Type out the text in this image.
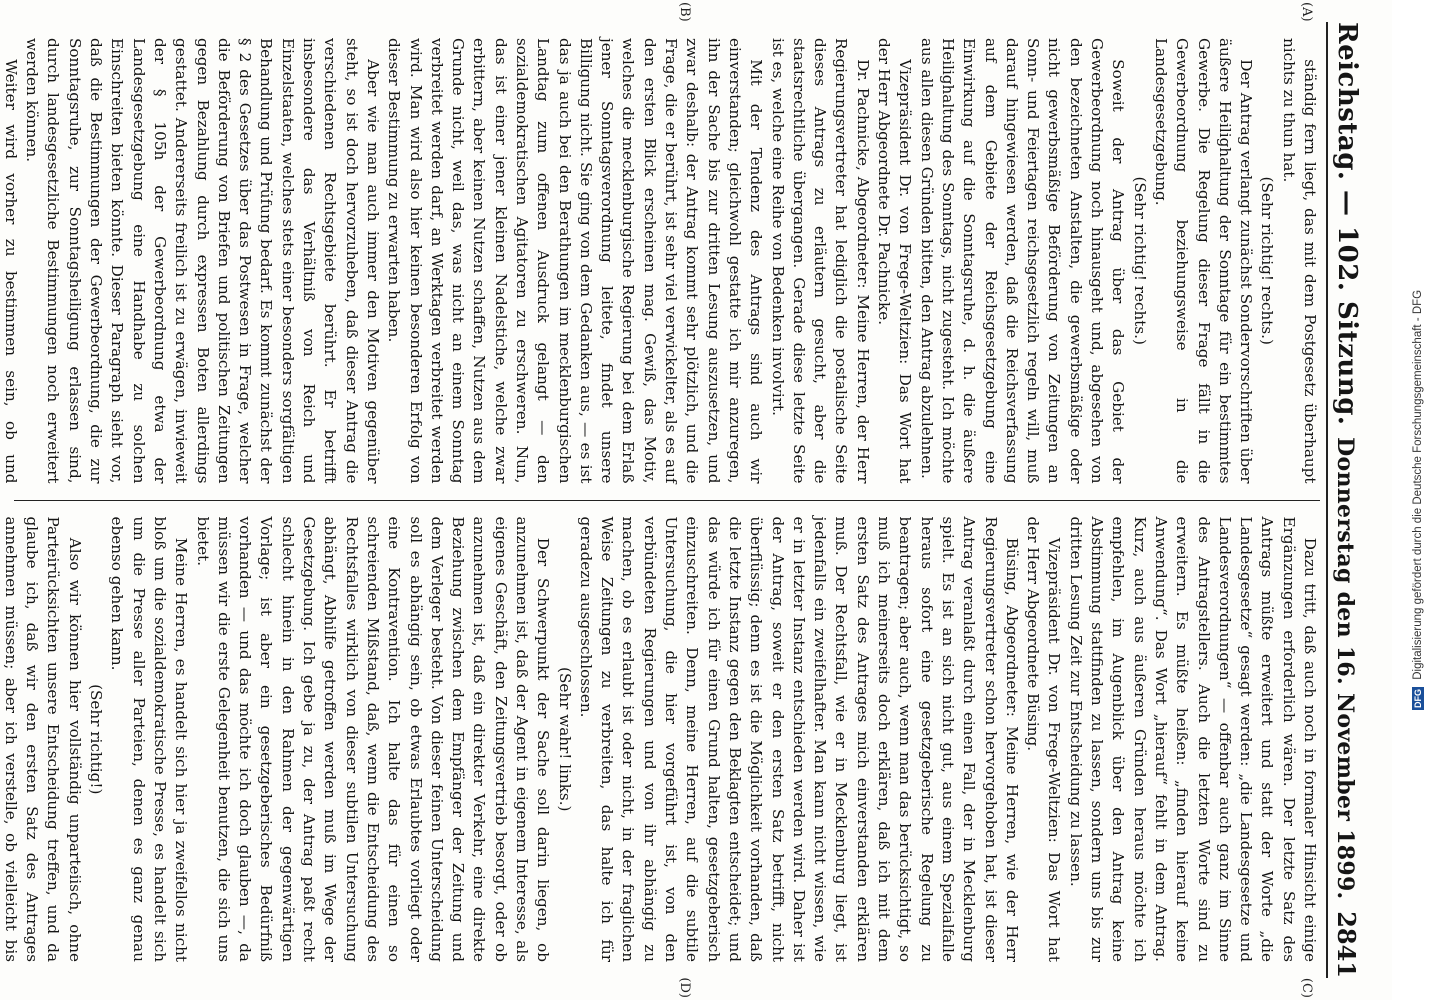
Reichstag. — 102. Sitzung.
Donnerstag den 16. November 1899.
2841

ständig fern liegt, das mit dem Postgesetz überhaupt nichts zu thun hat.

(Sehr richtig! rechts.)

Der Antrag verlangt zunächst Sondervorschriften über äußere Heilighaltung der Sonntage für ein bestimmtes Gewerbe. Die Regelung dieser Frage fällt in die Gewerbeordnung beziehungsweise in die Landesgesetzgebung.

(Sehr richtig! rechts.)

Soweit der Antrag über das Gebiet der Gewerbeordnung noch hinausgeht und, abgesehen von den bezeichneten Anstalten, die gewerbsmäßige oder nicht gewerbsmäßige Beförderung von Zeitungen an Sonn- und Feiertagen reichsgesetzlich regeln will, muß darauf hingewiesen werden, daß die Reichsverfassung auf dem Gebiete der Reichsgesetzgebung eine Einwirkung auf die Sonntagsruhe, d. h. die äußere Heilighaltung des Sonntags, nicht zugesteht. Ich möchte aus allen diesen Gründen bitten, den Antrag abzulehnen.

Vizepräsident Dr. von Frege-Weltzien: Das Wort hat der Herr Abgeordnete Dr. Pachnicke.

Dr. Pachnicke, Abgeordneter: Meine Herren, der Herr Regierungsvertreter hat lediglich die postalische Seite dieses Antrags zu erläutern gesucht, aber die staatsrechtliche übergangen. Gerade diese letzte Seite ist es, welche eine Reihe von Bedenken involvirt.

Mit der Tendenz des Antrags sind auch wir einverstanden; gleichwohl gestatte ich mir anzuregen, ihn der Sache bis zur dritten Lesung auszusetzen, und zwar deshalb: der Antrag kommt sehr plötzlich, und die Frage, die er berührt, ist sehr viel verwickelter, als es auf den ersten Blick erscheinen mag. Gewiß, das Motiv, welches die mecklenburgische Regierung bei dem Erlaß jener Sonntagsverordnung leitete, findet unsere Billigung nicht. Sie ging von dem Gedanken aus, — es ist das ja auch bei den Berathungen im mecklenburgischen Landtag zum offenen Ausdruck gelangt — den sozialdemokratischen Agitatoren zu erschweren. Nun, das ist einer jener kleinen Nadelstiche, welche zwar erbittern, aber keinen Nutzen schaffen, Nutzen aus dem Grunde nicht, weil das, was nicht an einem Sonntag verbreitet werden darf, an Werktagen verbreitet werden wird. Man wird also hier keinen besonderen Erfolg von dieser Bestimmung zu erwarten haben.

Aber wie man auch immer den Motiven gegenüber steht, so ist doch hervorzuheben, daß dieser Antrag die verschiedenen Rechtsgebiete berührt. Er betrifft insbesondere das Verhältniß von Reich und Einzelstaaten, welches stets einer besonders sorgfältigen Behandlung und Prüfung bedarf. Es kommt zunächst der § 2 des Gesetzes über das Postwesen in Frage, welcher die Beförderung von Briefen und politischen Zeitungen gegen Bezahlung durch expressen Boten allerdings gestattet. Andererseits freilich ist zu erwägen, inwieweit der § 105h der Gewerbeordnung etwa der Landesgesetzgebung eine Handhabe zu solchen Einschreiten bieten könnte. Dieser Paragraph sieht vor, daß die Bestimmungen der Gewerbeordnung, die zur Sonntagsruhe, zur Sonntagsheiligung erlassen sind, durch landesgesetzliche Bestimmungen noch erweitert werden können.

Weiter wird vorher zu bestimmen sein, ob und

Dazu tritt, daß auch noch in formaler Hinsicht einige Ergänzungen erforderlich wären. Der letzte Satz des Antrags müßte erweitert und statt der Worte „die Landesgesetze“ gesagt werden: „die Landesgesetze und Landesverordnungen“ — offenbar auch ganz im Sinne des Antragstellers. Auch die letzten Worte sind zu erweitern. Es müßte heißen: „finden hierauf keine Anwendung“. Das Wort „hierauf“ fehlt in dem Antrag. Kurz, auch aus äußeren Gründen heraus möchte ich empfehlen, im Augenblick über den Antrag keine Abstimmung stattfinden zu lassen, sondern uns bis zur dritten Lesung Zeit zur Entscheidung zu lassen.

Vizepräsident Dr. von Frege-Weltzien: Das Wort hat der Herr Abgeordnete Büsing.

Büsing, Abgeordneter: Meine Herren, wie der Herr Regierungsvertreter schon hervorgehoben hat, ist dieser Antrag veranlaßt durch einen Fall, der in Mecklenburg spielt. Es ist an sich nicht gut, aus einem Spezialfalle heraus sofort eine gesetzgeberische Regelung zu beantragen; aber auch, wenn man das berücksichtigt, so muß ich meinerseits doch erklären, daß ich mit dem ersten Satz des Antrages mich einverstanden erklären muß. Der Rechtsfall, wie er in Mecklenburg liegt, ist jedenfalls ein zweifelhafter. Man kann nicht wissen, wie er in letzter Instanz entschieden werden wird. Daher ist der Antrag, soweit er den ersten Satz betrifft, nicht überflüssig; denn es ist die Möglichkeit vorhanden, daß die letzte Instanz gegen den Beklagten entscheidet; und das würde ich für einen Grund halten, gesetzgeberisch einzuschreiten. Denn, meine Herren, auf die subtile Untersuchung, die hier vorgeführt ist, von den verbündeten Regierungen und von ihr abhängig zu machen, ob es erlaubt ist oder nicht, in der fraglichen Weise Zeitungen zu verbreiten, das halte ich für geradezu ausgeschlossen.

(Sehr wahr! links.)

Der Schwerpunkt der Sache soll darin liegen, ob anzunehmen ist, daß der Agent in eigenem Interesse, als eigenes Geschäft, den Zeitungsvertrieb besorgt, oder ob anzunehmen ist, daß ein direkter Verkehr, eine direkte Beziehung zwischen dem Empfänger der Zeitung und dem Verleger besteht. Von dieser feinen Unterscheidung soll es abhängig sein, ob etwas Erlaubtes vorliegt oder eine Kontravention. Ich halte das für einen so schreienden Mißstand, daß, wenn die Entscheidung des Rechtsfalles wirklich von dieser subtilen Untersuchung abhängt, Abhilfe getroffen werden muß im Wege der Gesetzgebung. Ich gebe ja zu, der Antrag paßt recht schlecht hinein in den Rahmen der gegenwärtigen Vorlage; ist aber ein gesetzgeberisches Bedürfniß vorhanden — und das möchte ich doch glauben —, da müssen wir die erste Gelegenheit benutzen, die sich uns bietet.

Meine Herren, es handelt sich hier ja zweifellos nicht bloß um die sozialdemokratische Presse, es handelt sich um die Presse aller Parteien, denen es ganz genau ebenso gehen kann.

(Sehr richtig!)

Also wir können hier vollständig unparteiisch, ohne Parteirücksichten unsere Entscheidung treffen, und da glaube ich, daß wir den ersten Satz des Antrages annehmen müssen; aber ich verstelle, ob vielleicht bis

(A)
(B)
(C)
(D)
DFG Digitalisierung gefördert durch die Deutsche Forschungsgemeinschaft - DFG
